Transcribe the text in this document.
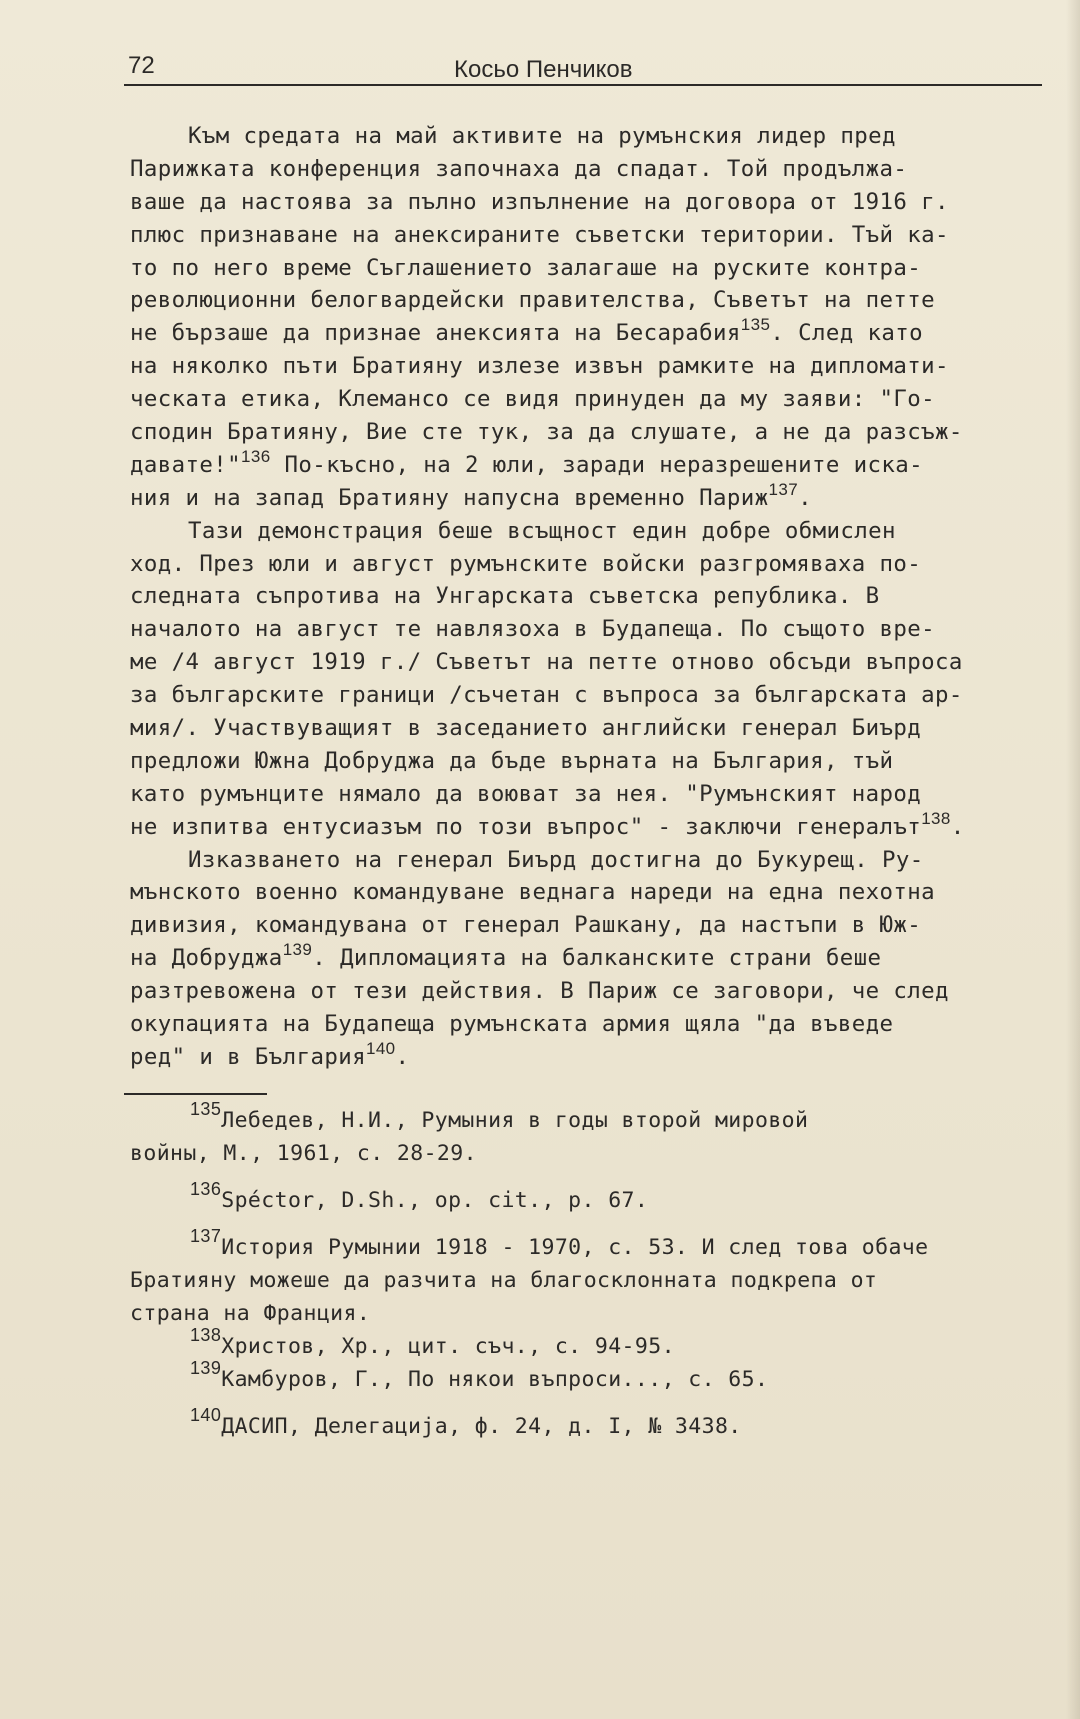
72	Косьо Пенчиков
Към средата на май активите на румънския лидер пред
Парижката конференция започнаха да спадат. Той продължа-
ваше да настоява за пълно изпълнение на договора от 1916 г.
плюс признаване на анексираните съветски територии. Тъй ка-
то по него време Съглашението залагаше на руските контра-
революционни белогвардейски правителства, Съветът на петте
не бързаше да признае анексията на Бесарабия$^{135}$. След като
на няколко пъти Братияну излезе извън рамките на дипломати-
ческата етика, Клемансо се видя принуден да му заяви: "Го-
сподин Братияну, Вие сте тук, за да слушате, а не да разсъж-
давате!"$^{136}$ По-късно, на 2 юли, заради неразрешените иска-
ния и на запад Братияну напусна временно Париж$^{137}$.
Тази демонстрация беше всъщност един добре обмислен
ход. През юли и август румънските войски разгромяваха по-
следната съпротива на Унгарската съветска република. В
началото на август те навлязоха в Будапеща. По същото вре-
ме /4 август 1919 г./ Съветът на петте отново обсъди въпроса
за българските граници /съчетан с въпроса за българската ар-
мия/. Участвуващият в заседанието английски генерал Биърд
предложи Южна Добруджа да бъде върната на България, тъй
като румънците нямало да воюват за нея. "Румънският народ
не изпитва ентусиазъм по този въпрос" - заключи генералът$^{138}$.
Изказването на генерал Биърд достигна до Букурещ. Ру-
мънското военно командуване веднага нареди на една пехотна
дивизия, командувана от генерал Рашкану, да настъпи в Юж-
на Добруджа$^{139}$. Дипломацията на балканските страни беше
разтревожена от тези действия. В Париж се заговори, че след
окупацията на Будапеща румънската армия щяла "да въведе
ред" и в България$^{140}$.
$^{135}$Лебедев, Н.И., Румыния в годы второй мировой
войны, М., 1961, с. 28-29.
$^{136}$Spéctor, D.Sh., op. cit., p. 67.
$^{137}$История Румынии 1918 - 1970, с. 53. И след това обаче
Братияну можеше да разчита на благосклонната подкрепа от
страна на Франция.
$^{138}$Христов, Хр., цит. съч., с. 94-95.
$^{139}$Камбуров, Г., По някои въпроси..., с. 65.
$^{140}$ДАСИП, Делегација, ф. 24, д. I, № 3438.
